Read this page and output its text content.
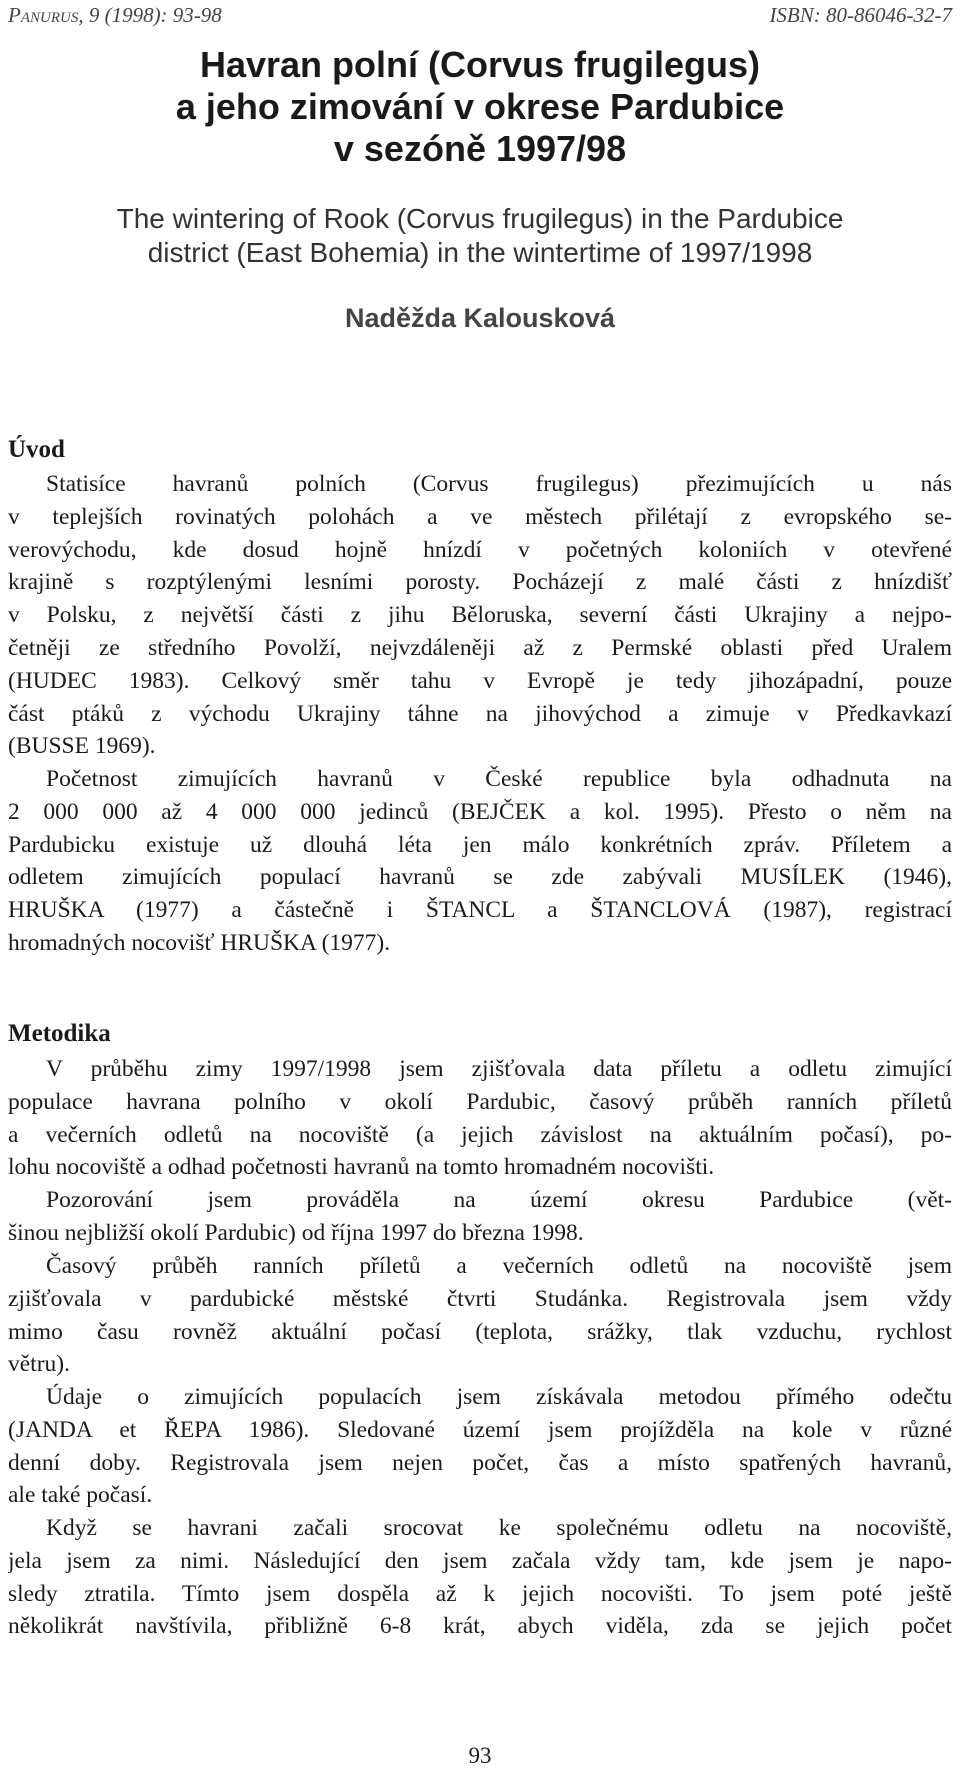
Panurus, 9 (1998): 93-98	ISBN: 80-86046-32-7

Havran polní (Corvus frugilegus)

a jeho zimování v okrese Pardubice

v sezóně 1997/98

The wintering of Rook (Corvus frugilegus) in the Pardubice

district (East Bohemia) in the wintertime of 1997/1998

Naděžda Kalousková
Úvod
Statisíce havranů polních (Corvus frugilegus) přezimujících u nás
v teplejších rovinatých polohách a ve městech přilétají z evropského se-
verovýchodu, kde dosud hojně hnízdí v početných koloniích v otevřené
krajině s rozptýlenými lesními porosty. Pocházejí z malé části z hnízdišť
v Polsku, z největší části z jihu Běloruska, severní části Ukrajiny a nejpo-
četněji ze středního Povolží, nejvzdáleněji až z Permské oblasti před Uralem
(HUDEC 1983). Celkový směr tahu v Evropě je tedy jihozápadní, pouze
část ptáků z východu Ukrajiny táhne na jihovýchod a zimuje v Předkavkazí
(BUSSE 1969).
Početnost zimujících havranů v České republice byla odhadnuta na
2 000 000 až 4 000 000 jedinců (BEJČEK a kol. 1995). Přesto o něm na
Pardubicku existuje už dlouhá léta jen málo konkrétních zpráv. Příletem a
odletem zimujících populací havranů se zde zabývali MUSÍLEK (1946),
HRUŠKA (1977) a částečně i ŠTANCL a ŠTANCLOVÁ (1987), registrací
hromadných nocovišť HRUŠKA (1977).
Metodika
V průběhu zimy 1997/1998 jsem zjišťovala data příletu a odletu zimující
populace havrana polního v okolí Pardubic, časový průběh ranních příletů
a večerních odletů na nocoviště (a jejich závislost na aktuálním počasí), po-
lohu nocoviště a odhad početnosti havranů na tomto hromadném nocovišti.
Pozorování jsem prováděla na území okresu Pardubice (vět-
šinou nejbližší okolí Pardubic) od října 1997 do března 1998.
Časový průběh ranních příletů a večerních odletů na nocoviště jsem
zjišťovala v pardubické městské čtvrti Studánka. Registrovala jsem vždy
mimo času rovněž aktuální počasí (teplota, srážky, tlak vzduchu, rychlost
větru).
Údaje o zimujících populacích jsem získávala metodou přímého odečtu
(JANDA et ŘEPA 1986). Sledované území jsem projížděla na kole v různé
denní doby. Registrovala jsem nejen počet, čas a místo spatřených havranů,
ale také počasí.
Když se havrani začali srocovat ke společnému odletu na nocoviště,
jela jsem za nimi. Následující den jsem začala vždy tam, kde jsem je napo-
sledy ztratila. Tímto jsem dospěla až k jejich nocovišti. To jsem poté ještě
několikrát navštívila, přibližně 6-8 krát, abych viděla, zda se jejich počet
93
